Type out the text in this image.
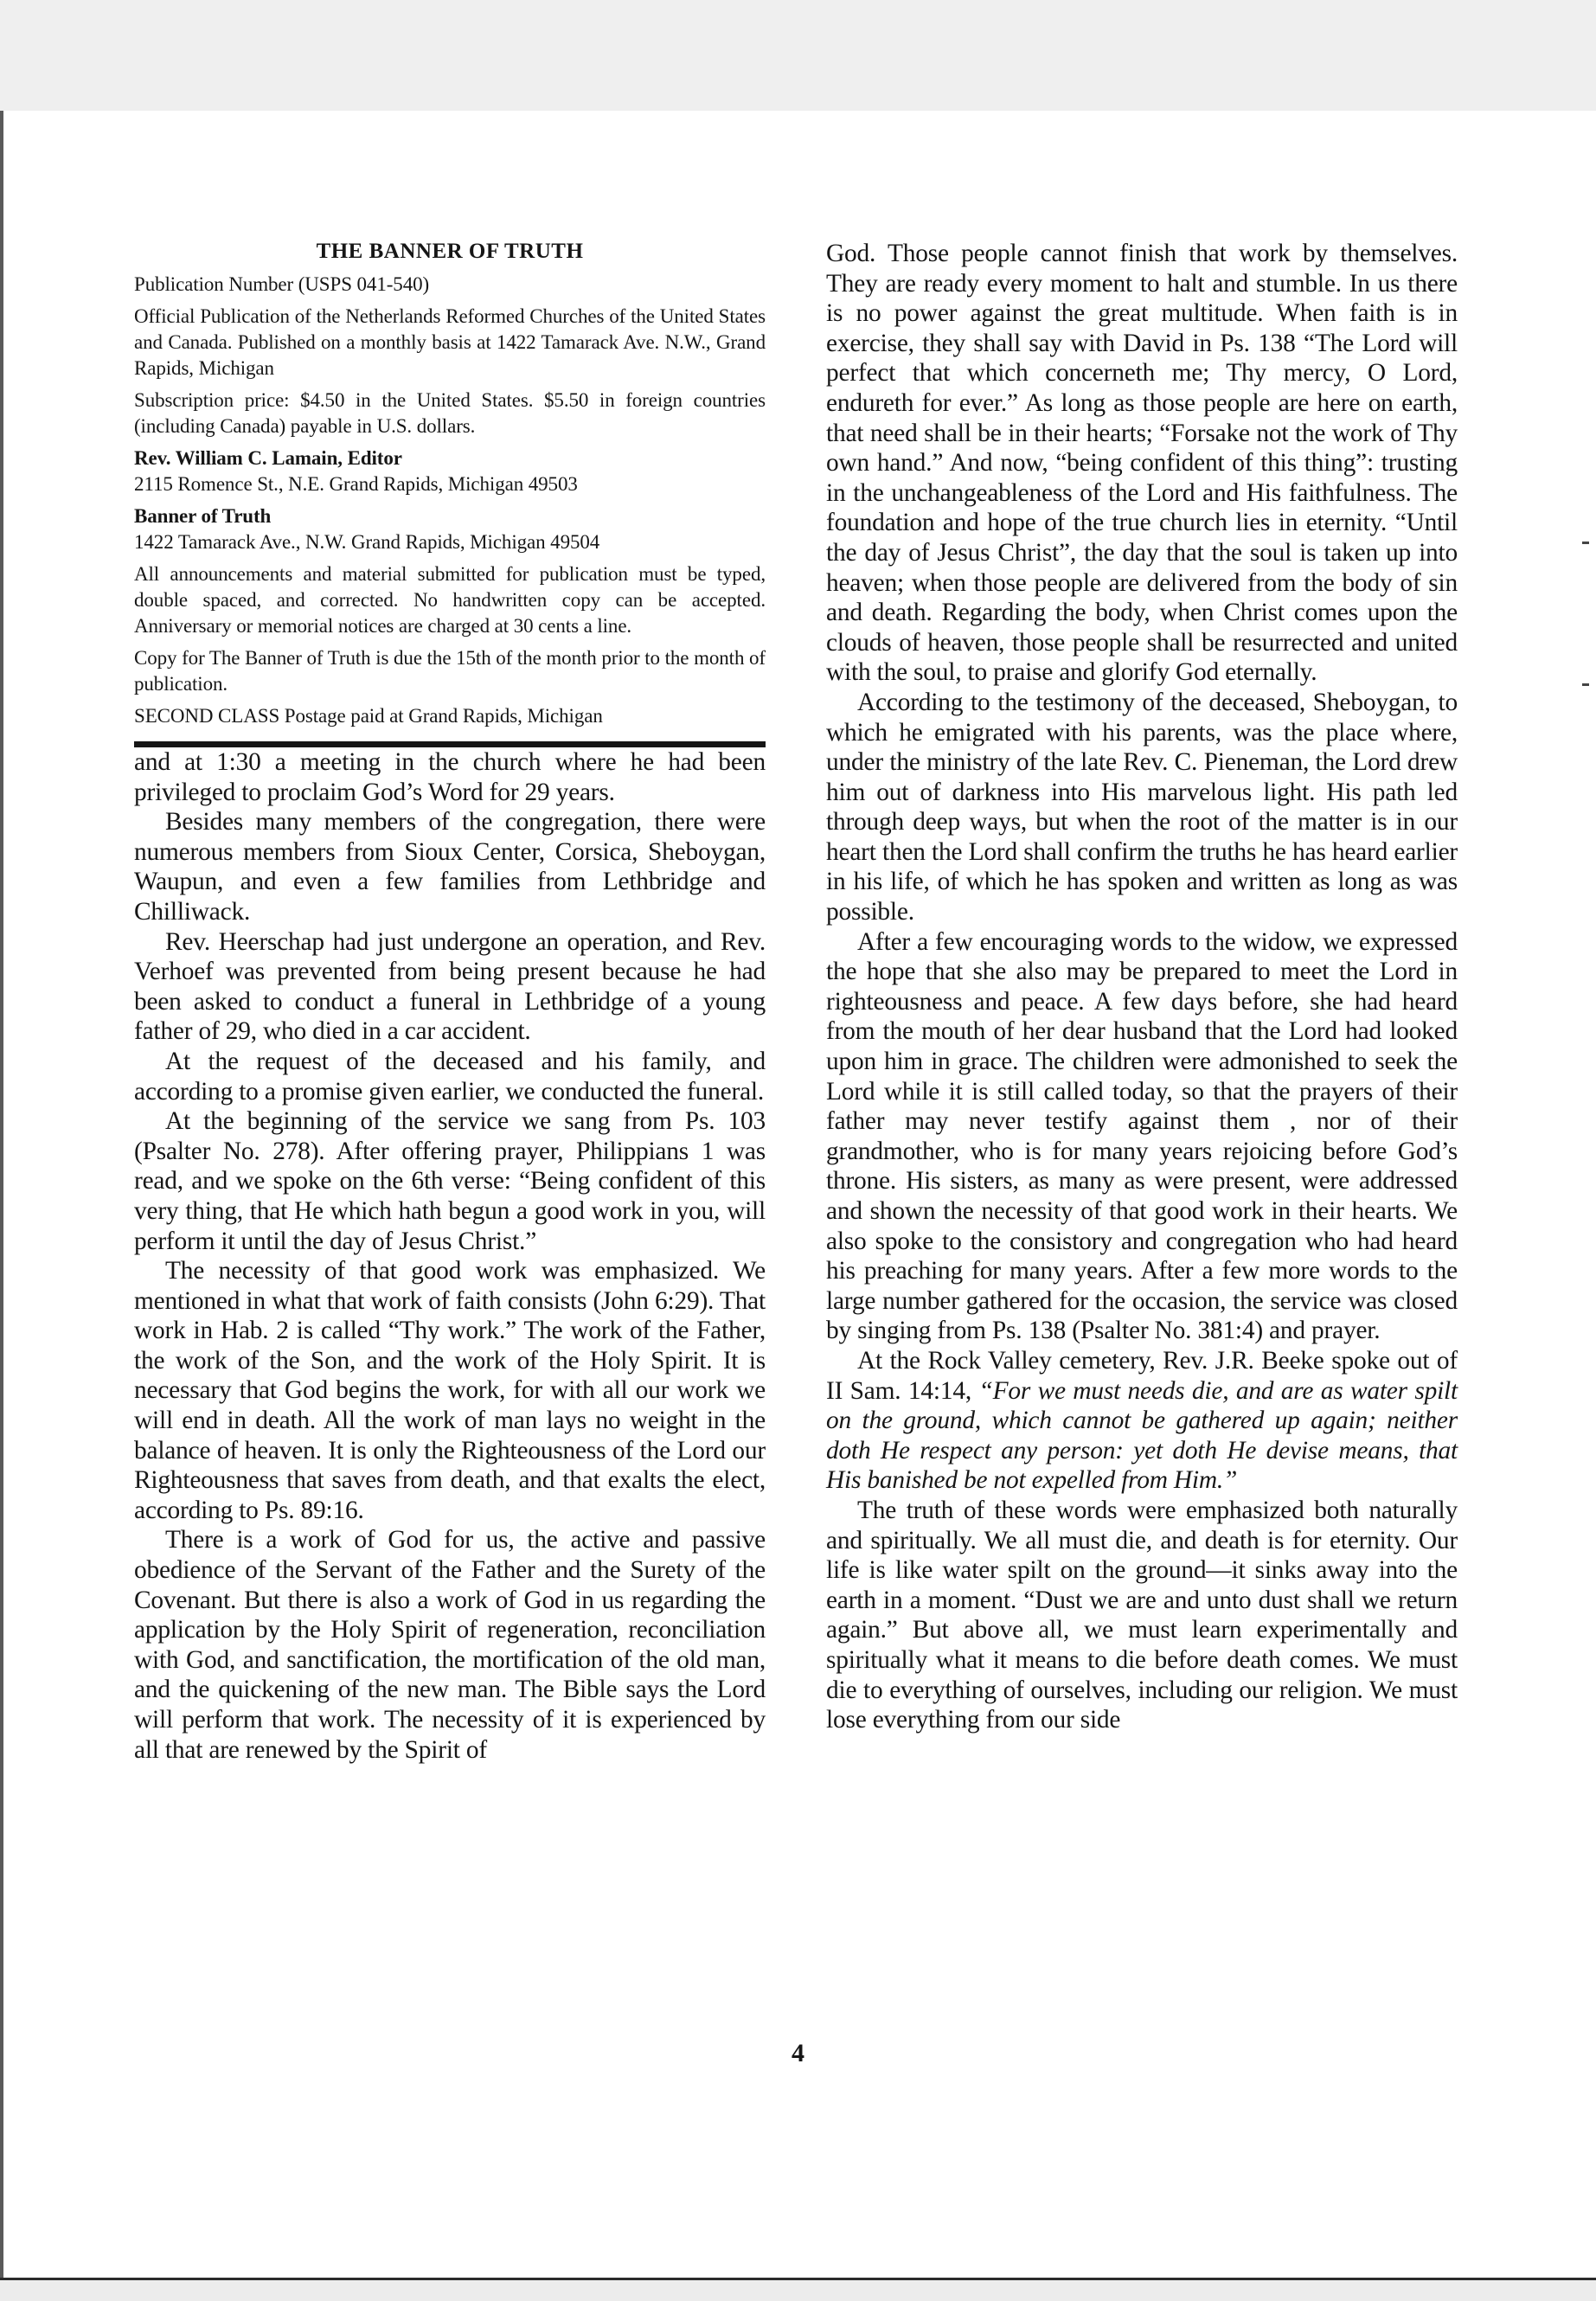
THE BANNER OF TRUTH

Publication Number (USPS 041-540)

Official Publication of the Netherlands Reformed Churches of the United States and Canada. Published on a monthly basis at 1422 Tamarack Ave. N.W., Grand Rapids, Michigan

Subscription price: $4.50 in the United States. $5.50 in foreign countries (including Canada) payable in U.S. dollars.

Rev. William C. Lamain, Editor

2115 Romence St., N.E. Grand Rapids, Michigan 49503

Banner of Truth

1422 Tamarack Ave., N.W. Grand Rapids, Michigan 49504

All announcements and material submitted for publication must be typed, double spaced, and corrected. No handwritten copy can be accepted. Anniversary or memorial notices are charged at 30 cents a line.

Copy for The Banner of Truth is due the 15th of the month prior to the month of publication.

SECOND CLASS Postage paid at Grand Rapids, Michigan

and at 1:30 a meeting in the church where he had been privileged to proclaim God’s Word for 29 years.

Besides many members of the congregation, there were numerous members from Sioux Center, Corsica, Sheboygan, Waupun, and even a few families from Lethbridge and Chilliwack.

Rev. Heerschap had just undergone an operation, and Rev. Verhoef was prevented from being present because he had been asked to conduct a funeral in Lethbridge of a young father of 29, who died in a car accident.

At the request of the deceased and his family, and according to a promise given earlier, we conducted the funeral.

At the beginning of the service we sang from Ps. 103 (Psalter No. 278). After offering prayer, Philippians 1 was read, and we spoke on the 6th verse: “Being confident of this very thing, that He which hath begun a good work in you, will perform it until the day of Jesus Christ.”

The necessity of that good work was emphasized. We mentioned in what that work of faith consists (John 6:29). That work in Hab. 2 is called “Thy work.” The work of the Father, the work of the Son, and the work of the Holy Spirit. It is necessary that God begins the work, for with all our work we will end in death. All the work of man lays no weight in the balance of heaven. It is only the Righteousness of the Lord our Righteousness that saves from death, and that exalts the elect, according to Ps. 89:16.

There is a work of God for us, the active and passive obedience of the Servant of the Father and the Surety of the Covenant. But there is also a work of God in us regarding the application by the Holy Spirit of regeneration, reconciliation with God, and sanctification, the mortification of the old man, and the quickening of the new man. The Bible says the Lord will perform that work. The necessity of it is experienced by all that are renewed by the Spirit of

God. Those people cannot finish that work by themselves. They are ready every moment to halt and stumble. In us there is no power against the great multitude. When faith is in exercise, they shall say with David in Ps. 138 “The Lord will perfect that which concerneth me; Thy mercy, O Lord, endureth for ever.” As long as those people are here on earth, that need shall be in their hearts; “Forsake not the work of Thy own hand.” And now, “being confident of this thing”: trusting in the unchangeableness of the Lord and His faithfulness. The foundation and hope of the true church lies in eternity. “Until the day of Jesus Christ”, the day that the soul is taken up into heaven; when those people are delivered from the body of sin and death. Regarding the body, when Christ comes upon the clouds of heaven, those people shall be resurrected and united with the soul, to praise and glorify God eternally.

According to the testimony of the deceased, Sheboygan, to which he emigrated with his parents, was the place where, under the ministry of the late Rev. C. Pieneman, the Lord drew him out of darkness into His marvelous light. His path led through deep ways, but when the root of the matter is in our heart then the Lord shall confirm the truths he has heard earlier in his life, of which he has spoken and written as long as was possible.

After a few encouraging words to the widow, we expressed the hope that she also may be prepared to meet the Lord in righteousness and peace. A few days before, she had heard from the mouth of her dear husband that the Lord had looked upon him in grace. The children were admonished to seek the Lord while it is still called today, so that the prayers of their father may never testify against them , nor of their grandmother, who is for many years rejoicing before God’s throne. His sisters, as many as were present, were addressed and shown the necessity of that good work in their hearts. We also spoke to the consistory and congregation who had heard his preaching for many years. After a few more words to the large number gathered for the occasion, the service was closed by singing from Ps. 138 (Psalter No. 381:4) and prayer.

At the Rock Valley cemetery, Rev. J.R. Beeke spoke out of II Sam. 14:14, “For we must needs die, and are as water spilt on the ground, which cannot be gathered up again; neither doth He respect any person: yet doth He devise means, that His banished be not expelled from Him.”

The truth of these words were emphasized both naturally and spiritually. We all must die, and death is for eternity. Our life is like water spilt on the ground—it sinks away into the earth in a moment. “Dust we are and unto dust shall we return again.” But above all, we must learn experimentally and spiritually what it means to die before death comes. We must die to everything of ourselves, including our religion. We must lose everything from our side

4
